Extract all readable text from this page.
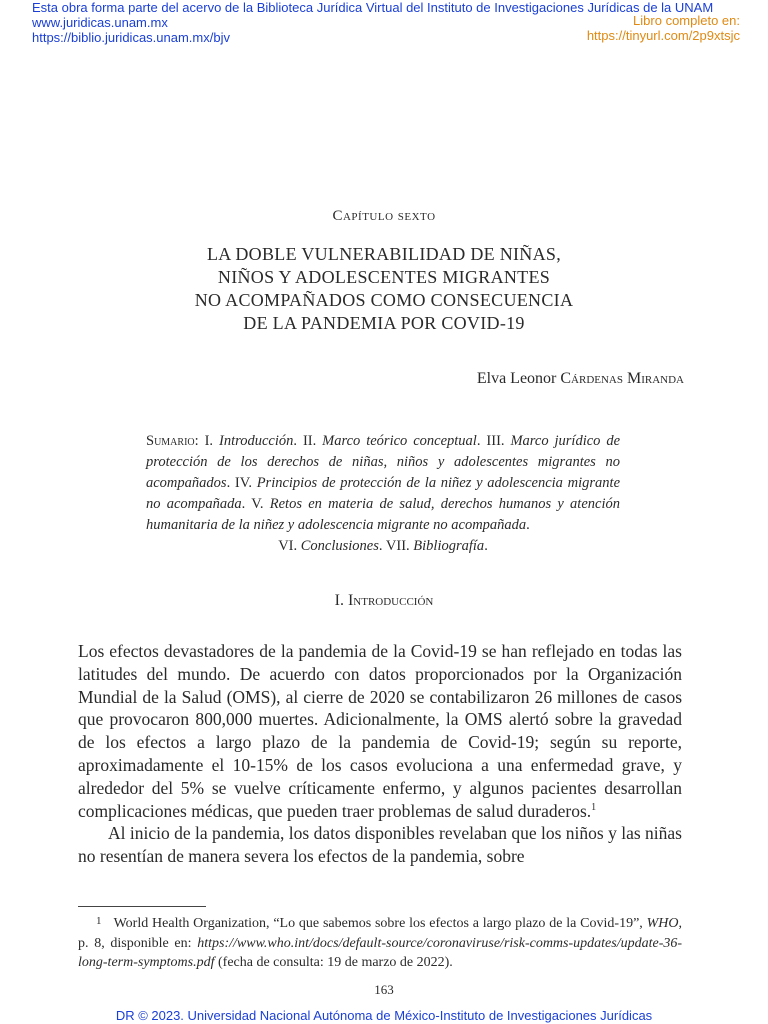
Esta obra forma parte del acervo de la Biblioteca Jurídica Virtual del Instituto de Investigaciones Jurídicas de la UNAM
www.juridicas.unam.mx
https://biblio.juridicas.unam.mx/bjv
Libro completo en:
https://tinyurl.com/2p9xtsjc
Capítulo sexto
LA DOBLE VULNERABILIDAD DE NIÑAS,
NIÑOS Y ADOLESCENTES MIGRANTES
NO ACOMPAÑADOS COMO CONSECUENCIA
DE LA PANDEMIA POR COVID-19
Elva Leonor Cárdenas Miranda
Sumario: I. Introducción. II. Marco teórico conceptual. III. Marco jurídico de protección de los derechos de niñas, niños y adolescentes migrantes no acompañados. IV. Principios de protección de la niñez y adolescencia migrante no acompañada. V. Retos en materia de salud, derechos humanos y atención humanitaria de la niñez y adolescencia migrante no acompañada.
VI. Conclusiones. VII. Bibliografía.
I. Introducción

Los efectos devastadores de la pandemia de la Covid-19 se han reflejado en todas las latitudes del mundo. De acuerdo con datos proporcionados por la Organización Mundial de la Salud (OMS), al cierre de 2020 se contabilizaron 26 millones de casos que provocaron 800,000 muertes. Adicionalmente, la OMS alertó sobre la gravedad de los efectos a largo plazo de la pandemia de Covid-19; según su reporte, aproximadamente el 10-15% de los casos evoluciona a una enfermedad grave, y alrededor del 5% se vuelve críticamente enfermo, y algunos pacientes desarrollan complicaciones médicas, que pueden traer problemas de salud duraderos.$^1$

Al inicio de la pandemia, los datos disponibles revelaban que los niños y las niñas no resentían de manera severa los efectos de la pandemia, sobre

1 World Health Organization, “Lo que sabemos sobre los efectos a largo plazo de la Covid-19”, WHO, p. 8, disponible en: https://www.who.int/docs/default-source/coronaviruse/risk-comms-updates/update-36-long-term-symptoms.pdf (fecha de consulta: 19 de marzo de 2022).
163
DR © 2023. Universidad Nacional Autónoma de México-Instituto de Investigaciones Jurídicas
